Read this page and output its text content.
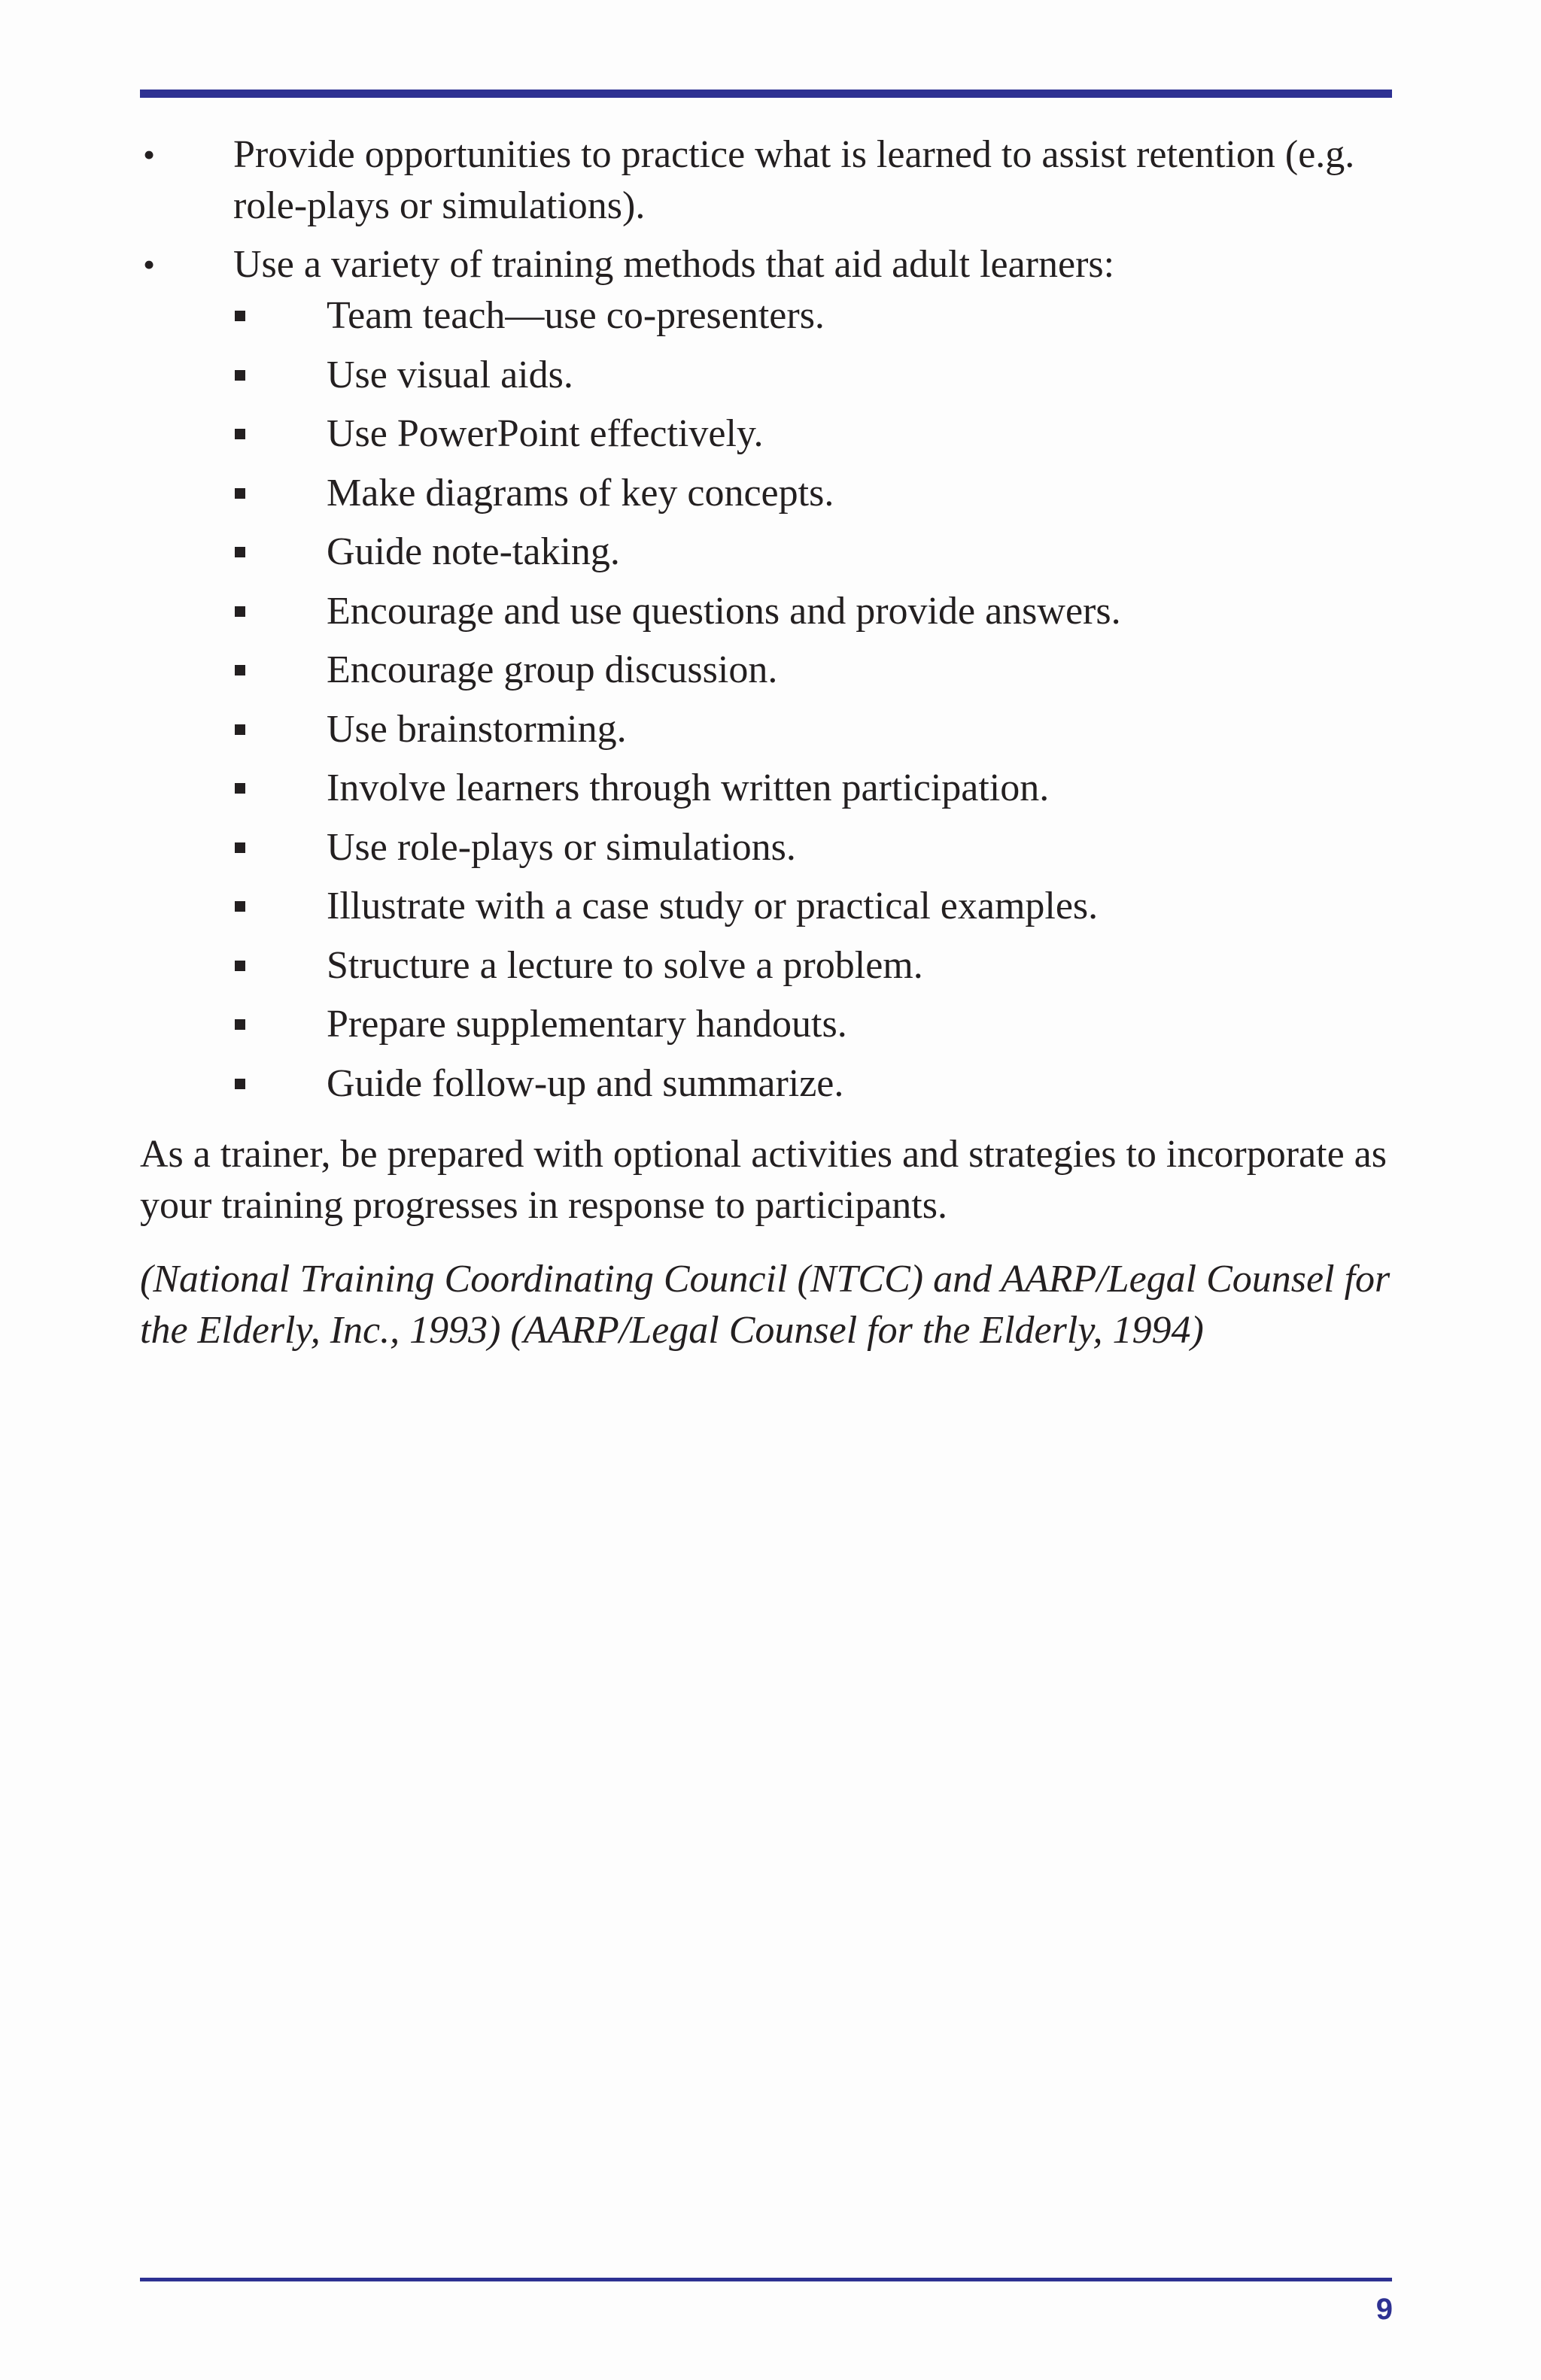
• Provide opportunities to practice what is learned to assist retention (e.g. role-plays or simulations).
• Use a variety of training methods that aid adult learners:
Team teach—use co-presenters.
Use visual aids.
Use PowerPoint effectively.
Make diagrams of key concepts.
Guide note-taking.
Encourage and use questions and provide answers.
Encourage group discussion.
Use brainstorming.
Involve learners through written participation.
Use role-plays or simulations.
Illustrate with a case study or practical examples.
Structure a lecture to solve a problem.
Prepare supplementary handouts.
Guide follow-up and summarize.

As a trainer, be prepared with optional activities and strategies to incorporate as your training progresses in response to participants.

(National Training Coordinating Council (NTCC) and AARP/Legal Counsel for the Elderly, Inc., 1993) (AARP/Legal Counsel for the Elderly, 1994)

9
